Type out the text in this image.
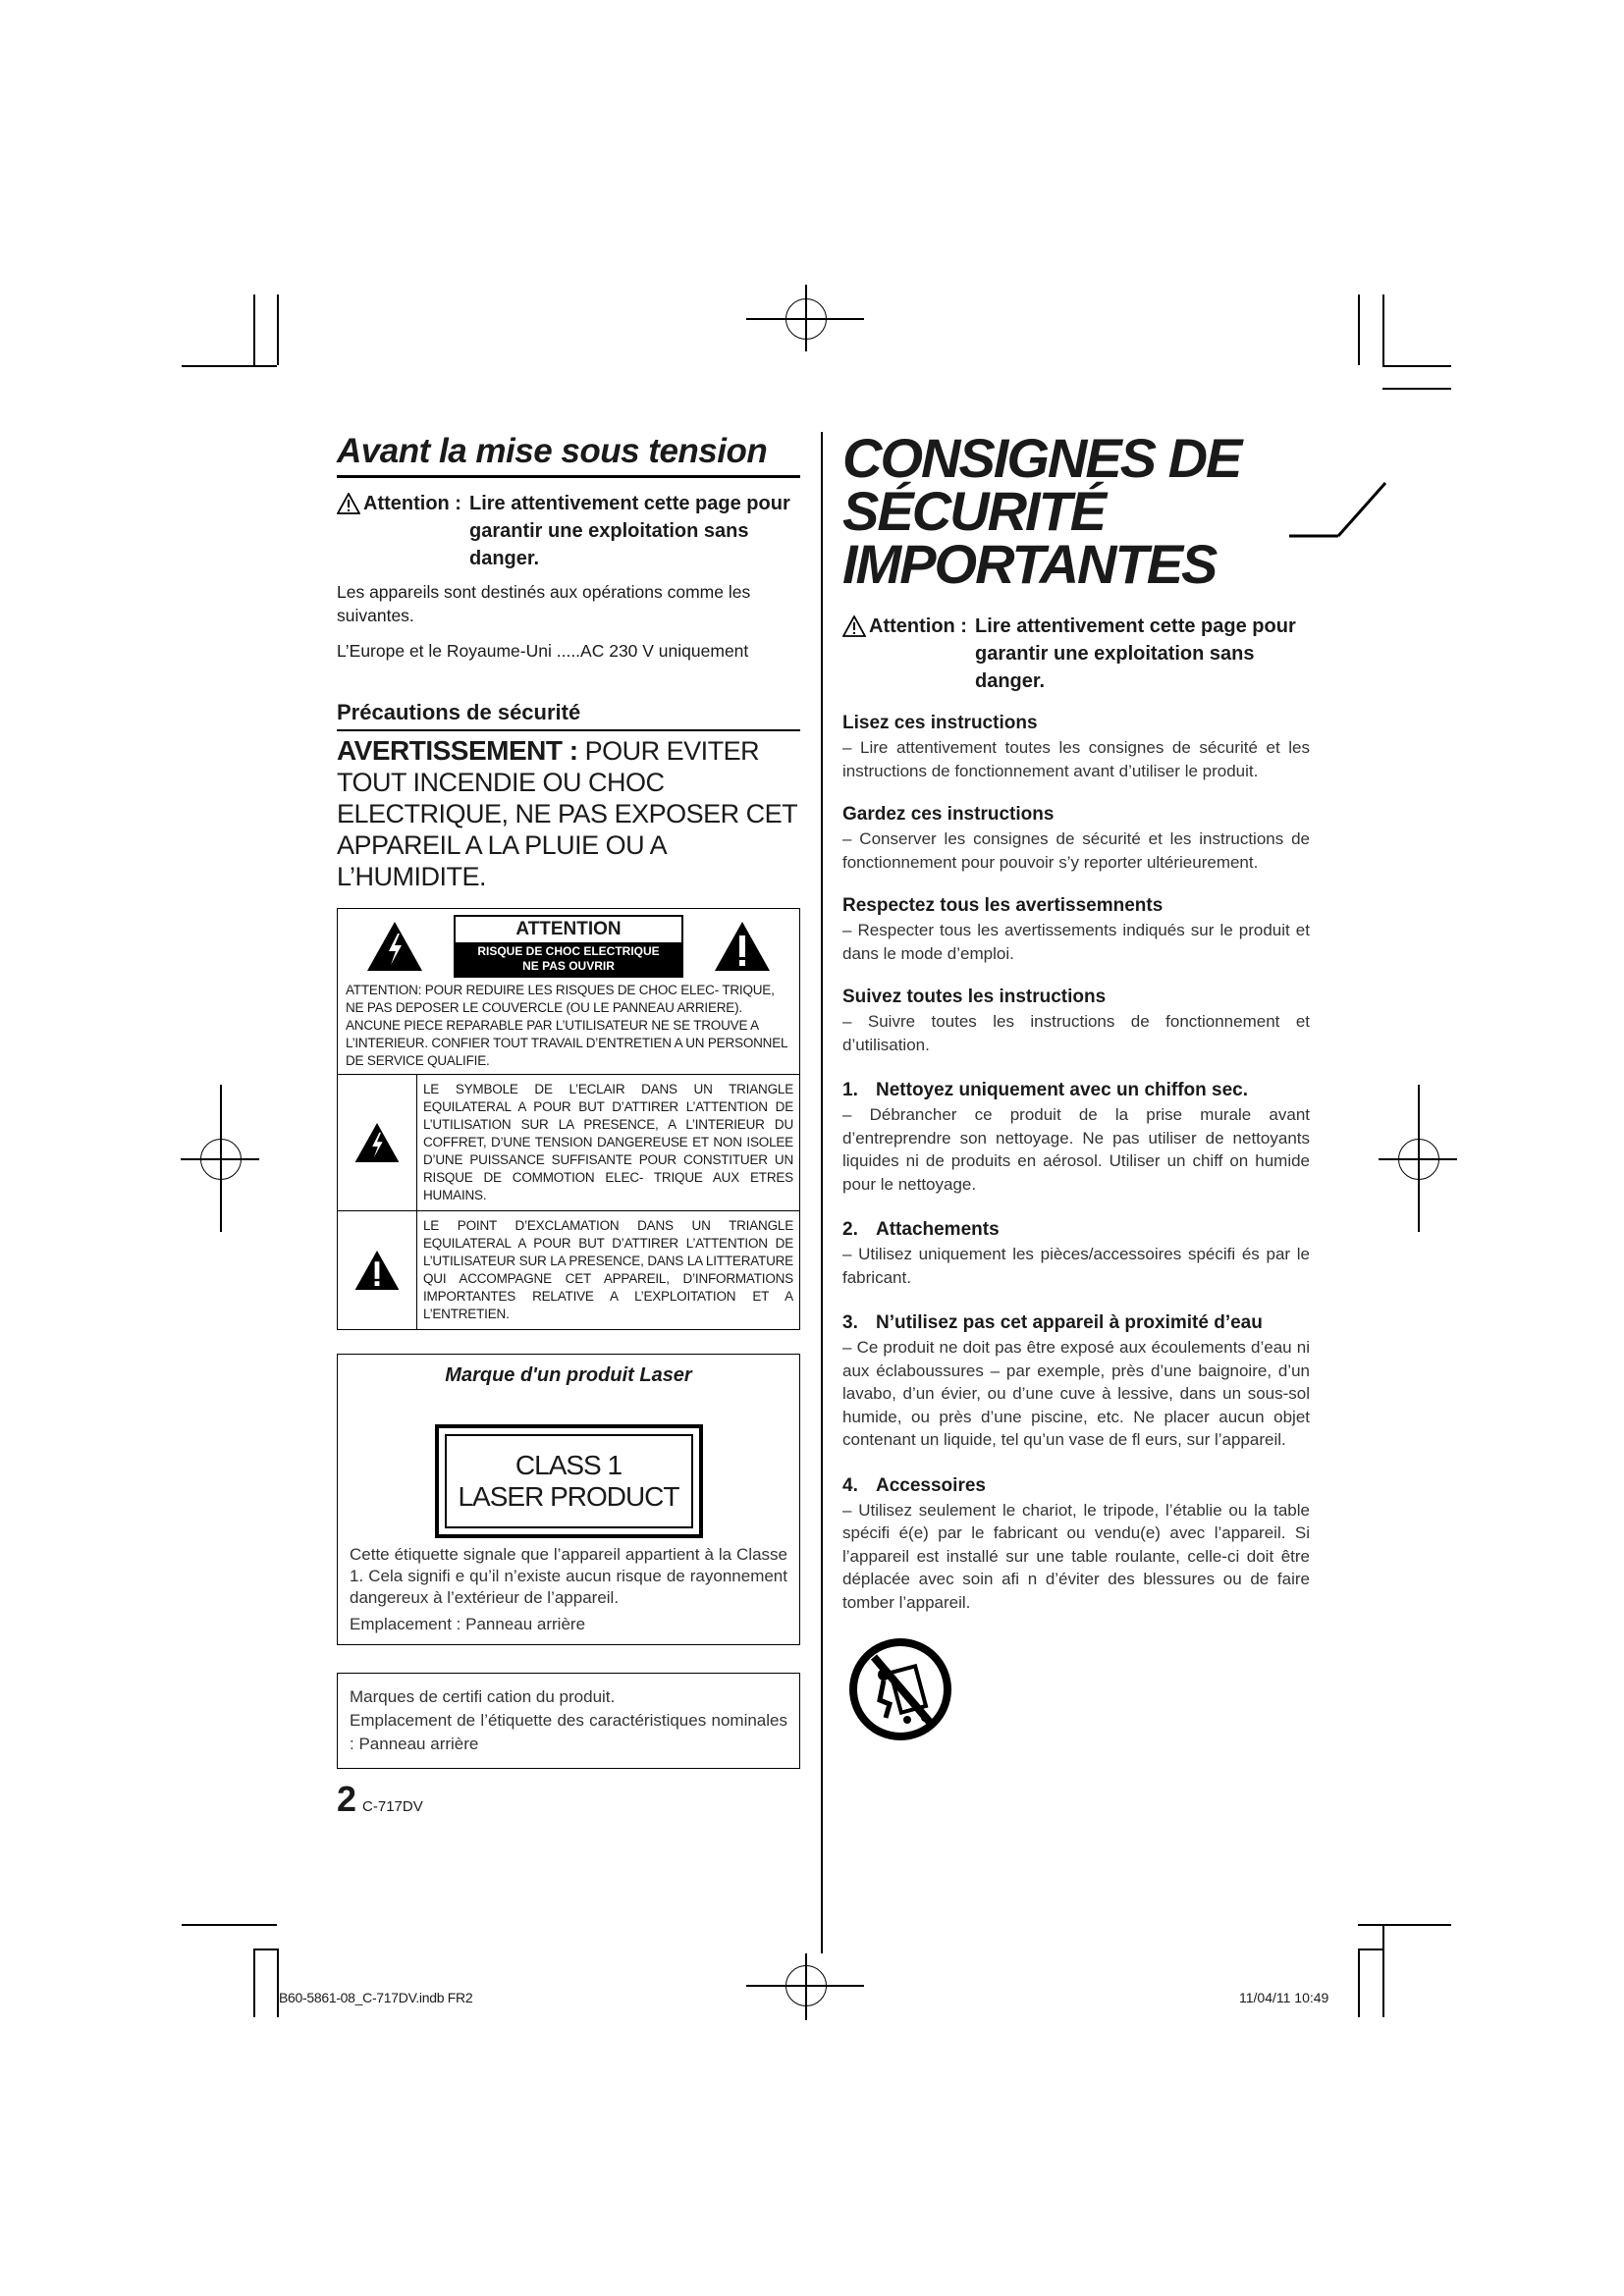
Avant la mise sous tension
Attention : Lire attentivement cette page pour garantir une exploitation sans danger.

Les appareils sont destinés aux opérations comme les suivantes.

L’Europe et le Royaume-Uni .....AC 230 V uniquement

Précautions de sécurité
AVERTISSEMENT : POUR EVITER TOUT INCENDIE OU CHOC ELECTRIQUE, NE PAS EXPOSER CET APPAREIL A LA PLUIE OU A L’HUMIDITE.
ATTENTION
RISQUE DE CHOC ELECTRIQUE
NE PAS OUVRIR
ATTENTION: POUR REDUIRE LES RISQUES DE CHOC ELEC- TRIQUE, NE PAS DEPOSER LE COUVERCLE (OU LE PANNEAU ARRIERE). ANCUNE PIECE REPARABLE PAR L’UTILISATEUR NE SE TROUVE A L’INTERIEUR. CONFIER TOUT TRAVAIL D’ENTRETIEN A UN PERSONNEL DE SERVICE QUALIFIE.
LE SYMBOLE DE L’ECLAIR DANS UN TRIANGLE EQUILATERAL A POUR BUT D’ATTIRER L’ATTENTION DE L’UTILISATION SUR LA PRESENCE, A L’INTERIEUR DU COFFRET, D’UNE TENSION DANGEREUSE ET NON ISOLEE D’UNE PUISSANCE SUFFISANTE POUR CONSTITUER UN RISQUE DE COMMOTION ELEC- TRIQUE AUX ETRES HUMAINS.
LE POINT D’EXCLAMATION DANS UN TRIANGLE EQUILATERAL A POUR BUT D’ATTIRER L’ATTENTION DE L’UTILISATEUR SUR LA PRESENCE, DANS LA LITTERATURE QUI ACCOMPAGNE CET APPAREIL, D’INFORMATIONS IMPORTANTES RELATIVE A L’EXPLOITATION ET A L’ENTRETIEN.
Marque d'un produit Laser
CLASS 1
LASER PRODUCT

Cette étiquette signale que l’appareil appartient à la Classe 1. Cela signifi e qu’il n’existe aucun risque de rayonnement dangereux à l’extérieur de l’appareil.

Emplacement : Panneau arrière

Marques de certifi cation du produit.

Emplacement de l’étiquette des caractéristiques nominales : Panneau arrière

2 C-717DV
CONSIGNES DE
SÉCURITÉ IMPORTANTES
Attention : Lire attentivement cette page pour garantir une exploitation sans danger.
Lisez ces instructions
– Lire attentivement toutes les consignes de sécurité et les instructions de fonctionnement avant d’utiliser le produit.
Gardez ces instructions
– Conserver les consignes de sécurité et les instructions de fonctionnement pour pouvoir s’y reporter ultérieurement.
Respectez tous les avertissemnents
– Respecter tous les avertissements indiqués sur le produit et dans le mode d’emploi.
Suivez toutes les instructions
– Suivre toutes les instructions de fonctionnement et d’utilisation.
1. Nettoyez uniquement avec un chiffon sec.
– Débrancher ce produit de la prise murale avant d’entreprendre son nettoyage. Ne pas utiliser de nettoyants liquides ni de produits en aérosol. Utiliser un chiff on humide pour le nettoyage.
2. Attachements
– Utilisez uniquement les pièces/accessoires spécifi és par le fabricant.
3. N’utilisez pas cet appareil à proximité d’eau
– Ce produit ne doit pas être exposé aux écoulements d’eau ni aux éclaboussures – par exemple, près d’une baignoire, d’un lavabo, d’un évier, ou d’une cuve à lessive, dans un sous-sol humide, ou près d’une piscine, etc. Ne placer aucun objet contenant un liquide, tel qu’un vase de fl eurs, sur l’appareil.
4. Accessoires
– Utilisez seulement le chariot, le tripode, l’établie ou la table spécifi é(e) par le fabricant ou vendu(e) avec l’appareil. Si l’appareil est installé sur une table roulante, celle-ci doit être déplacée avec soin afi n d’éviter des blessures ou de faire tomber l’appareil.
B60-5861-08_C-717DV.indb FR2	11/04/11 10:49
